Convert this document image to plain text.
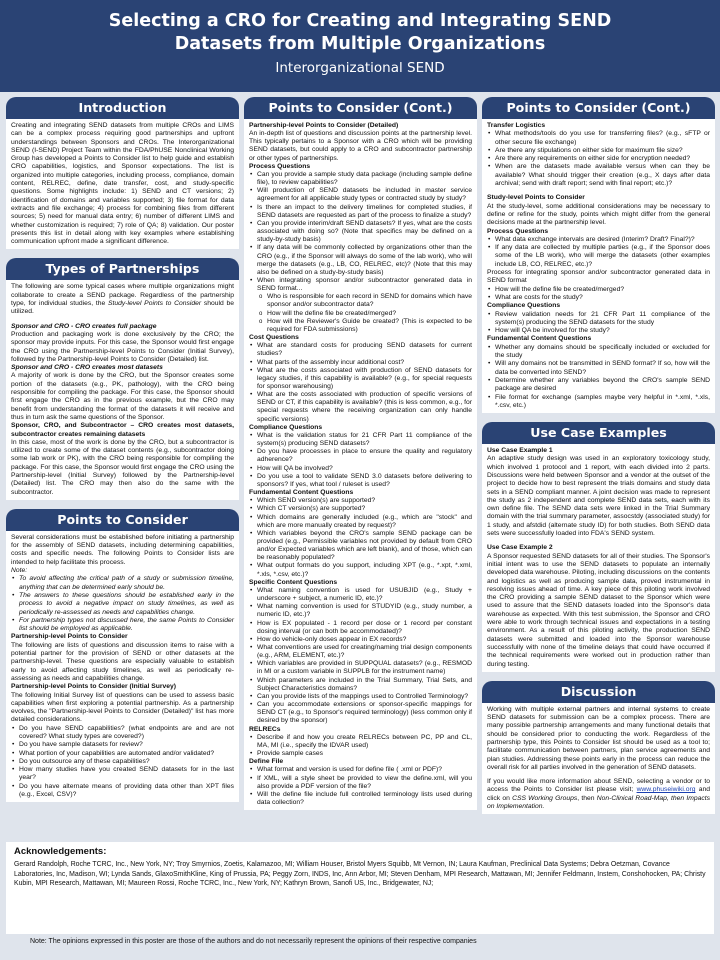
Selecting a CRO for Creating and Integrating SEND
Datasets from Multiple Organizations
Interorganizational SEND
Introduction

Creating and integrating SEND datasets from multiple CROs and LIMS can be a complex process requiring good partnerships and upfront understandings between Sponsors and CROs. The Interorganizational SEND (I-SEND) Project Team within the FDA/PhUSE Nonclinical Working Group has developed a Points to Consider list to help guide and establish CRO capabilities, logistics, and Sponsor expectations. The list is organized into multiple categories, including process, compliance, domain content, RELREC, define, date transfer, cost, and study-specific questions. Some highlights include: 1) SEND and CT versions; 2) identification of domains and variables supported; 3) file format for data extracts and file exchange; 4) process for combining files from different sources; 5) need for manual data entry; 6) number of different LIMS and whether customization is required; 7) role of QA; 8) validation. Our poster presents this list in detail along with key examples where establishing communication upfront made a significant difference.

Types of Partnerships

The following are some typical cases where multiple organizations might collaborate to create a SEND package. Regardless of the partnership type, for individual studies, the Study-level Points to Consider should be utilized.

Sponsor and CRO - CRO creates full package

Production and packaging work is done exclusively by the CRO; the sponsor may provide inputs. For this case, the Sponsor would first engage the CRO using the Partnership-level Points to Consider (Initial Survey), followed by the Partnership-level Points to Consider (Detailed) list.

Sponsor and CRO - CRO creates most datasets

A majority of work is done by the CRO, but the Sponsor creates some portion of the datasets (e.g., PK, pathology), with the CRO being responsible for compiling the package. For this case, the Sponsor should first engage the CRO as in the previous example, but the CRO may benefit from understanding the format of the datasets it will receive and thus in turn ask the same questions of the Sponsor.

Sponsor, CRO, and Subcontractor – CRO creates most datasets, subcontractor creates remaining datasets

In this case, most of the work is done by the CRO, but a subcontractor is utilized to create some of the dataset contents (e.g., subcontractor doing some lab work or PK), with the CRO being responsible for compiling the package. For this case, the Sponsor would first engage the CRO using the Partnership-level (Initial Survey) followed by the Partnership-level (Detailed) list. The CRO may then also do the same with the subcontractor.

Points to Consider

Several considerations must be established before initiating a partnership for the assembly of SEND datasets, including determining capabilities, costs and specific needs. The following Points to Consider lists are intended to help facilitate this process.

Note:

• To avoid affecting the critical path of a study or submission timeline, anything that can be determined early should be.
• The answers to these questions should be established early in the process to avoid a negative impact on study timelines, as well as periodically re-assessed as needs and capabilities change.
• For partnership types not discussed here, the same Points to Consider list should be employed as applicable.

Partnership-level Points to Consider

The following are lists of questions and discussion items to raise with a potential partner for the provision of SEND or other datasets at the partnership-level. These questions are especially valuable to establish early to avoid affecting study timelines, as well as periodically re-assessing as needs and capabilities change.

Partnership-level Points to Consider (Initial Survey)

The following Initial Survey list of questions can be used to assess basic capabilities when first exploring a potential partnership. As a partnership evolves, the "Partnership-level Points to Consider (Detailed)" list has more detailed considerations.

• Do you have SEND capabilities? (what endpoints are and are not covered? What study types are covered?)
• Do you have sample datasets for review?
• What portion of your capabilities are automated and/or validated?
• Do you outsource any of these capabilities?
• How many studies have you created SEND datasets for in the last year?
• Do you have alternate means of providing data other than XPT files (e.g., Excel, CSV)?
Points to Consider (Cont.)

Partnership-level Points to Consider (Detailed)

An in-depth list of questions and discussion points at the partnership level. This typically pertains to a Sponsor with a CRO which will be providing SEND datasets, but could apply to a CRO and subcontractor partnership or other types of partnerships.

Process Questions

• Can you provide a sample study data package (including sample define file), to review capabilities?
• Will production of SEND datasets be included in master service agreement for all applicable study types or contracted study by study?
• Is there an impact to the delivery timelines for completed studies, if SEND datasets are requested as part of the process to finalize a study?
• Can you provide interim/draft SEND datasets? If yes, what are the costs associated with doing so? (Note that specifics may be defined on a study-by-study basis)
• If any data will be commonly collected by organizations other than the CRO (e.g., if the Sponsor will always do some of the lab work), who will merge the datasets (e.g., LB, CO, RELREC, etc)? (Note that this may also be defined on a study-by-study basis)
• When integrating sponsor and/or subcontractor generated data in SEND format...
o Who is responsible for each record in SEND for domains which have sponsor and/or subcontractor data?
o How will the define file be created/merged?
o How will the Reviewer's Guide be created? (This is expected to be required for FDA submissions)

Cost Questions

• What are standard costs for producing SEND datasets for current studies?
• What parts of the assembly incur additional cost?
• What are the costs associated with production of SEND datasets for legacy studies, if this capability is available? (e.g., for special requests for sponsor warehousing)
• What are the costs associated with production of specific versions of SEND or CT, if this capability is available? (this is less common, e.g., for special requests where the receiving organization can only handle specific versions)

Compliance Questions

• What is the validation status for 21 CFR Part 11 compliance of the system(s) producing SEND datasets?
• Do you have processes in place to ensure the quality and regulatory adherence?
• How will QA be involved?
• Do you use a tool to validate SEND 3.0 datasets before delivering to sponsors? If yes, what tool / ruleset is used?

Fundamental Content Questions

• Which SEND version(s) are supported?
• Which CT version(s) are supported?
• Which domains are generally included (e.g., which are "stock" and which are more manually created by request)?
• Which variables beyond the CRO's sample SEND package can be provided (e.g., Permissible variables not provided by default from CRO and/or Expected variables which are left blank), and of those, which can be reasonably populated?
• What output formats do you support, including XPT (e.g., *.xpt, *.xml, *.xls, *.csv, etc.)?

Specific Content Questions

• What naming convention is used for USUBJID (e.g., Study + underscore + subject, a numeric ID, etc.)?
• What naming convention is used for STUDYID (e.g., study number, a numeric ID, etc.)?
• How is EX populated - 1 record per dose or 1 record per constant dosing interval (or can both be accommodated)?
• How do vehicle-only doses appear in EX records?
• What conventions are used for creating/naming trial design components (e.g., ARM, ELEMENT, etc.)?
• Which variables are provided in SUPPQUAL datasets? (e.g., RESMOD in MI or a custom variable in SUPPLB for the instrument name)
• Which parameters are included in the Trial Summary, Trial Sets, and Subject Characteristics domains?
• Can you provide lists of the mappings used to Controlled Terminology?
• Can you accommodate extensions or sponsor-specific mappings for SEND CT (e.g., to Sponsor's required terminology) (less common only if desired by the sponsor)

RELRECs

• Describe if and how you create RELRECs between PC, PP and CL, MA, MI (i.e., specify the IDVAR used)
• Provide sample cases

Define File

• What format and version is used for define file ( .xml or PDF)?
• If XML, will a style sheet be provided to view the define.xml, will you also provide a PDF version of the file?
• Will the define file include full controlled terminology lists used during data collection?
Points to Consider (Cont.)

Transfer Logistics

• What methods/tools do you use for transferring files? (e.g., sFTP or other secure file exchange)
• Are there any stipulations on either side for maximum file size?
• Are there any requirements on either side for encryption needed?
• When are the datasets made available versus when can they be available? What should trigger their creation (e.g., X days after data archival; send with draft report; send with final report; etc.)?

Study-level Points to Consider

At the study-level, some additional considerations may be necessary to define or refine for the study, points which might differ from the general decisions made at the partnership level.

Process Questions

• What data exchange intervals are desired (Interim? Draft? Final?)?
• If any data are collected by multiple parties (e.g., if the Sponsor does some of the LB work), who will merge the datasets (other examples include LB, CO, RELREC, etc.)?

Process for integrating sponsor and/or subcontractor generated data in SEND format

• How will the define file be created/merged?
• What are costs for the study?

Compliance Questions

• Review validation needs for 21 CFR Part 11 compliance of the system(s) producing the SEND datasets for the study
• How will QA be involved for the study?

Fundamental Content Questions

• Whether any domains should be specifically included or excluded for the study
• Will any domains not be transmitted in SEND format? If so, how will the data be converted into SEND?
• Determine whether any variables beyond the CRO's sample SEND package are desired
• File format for exchange (samples maybe very helpful in *.xml, *.xls, *.csv, etc.)
Use Case Examples

Use Case Example 1

An adaptive study design was used in an exploratory toxicology study, which involved 1 protocol and 1 report, with each divided into 2 parts. Discussions were held between Sponsor and a vendor at the outset of the project to decide how to best represent the trials domains and study data sets in a SEND compliant manner. A joint decision was made to represent the study as 2 independent and complete SEND data sets, each with its own define file. The SEND data sets were linked in the Trial Summary domain with the trial summary parameter, assocstdy (associated study) for 1 study, and afstdid (alternate study ID) for both studies. Both SEND data sets were successfully loaded into FDA's SEND system.

Use Case Example 2

A Sponsor requested SEND datasets for all of their studies. The Sponsor's initial intent was to use the SEND datasets to populate an internally developed data warehouse. Piloting, including discussions on the contents and logistics as well as producing sample data, proved instrumental in resolving issues ahead of time. A key piece of this piloting work involved the CRO providing a sample SEND dataset to the Sponsor which were used to assure that the SEND datasets loaded into the Sponsor's data warehouse as expected. With this test submission, the Sponsor and CRO were able to work through technical issues and expectations in a testing environment. As a result of this piloting activity, the production SEND datasets were submitted and loaded into the Sponsor warehouse successfully with none of the timeline delays that could have occurred if the technical requirements were worked out in production rather than during testing.

Discussion

Working with multiple external partners and internal systems to create SEND datasets for submission can be a complex process. There are many possible partnership arrangements and many functional details that should be considered prior to conducting the work. Regardless of the partnership type, this Points to Consider list should be used as a tool to; facilitate communication between partners, plan service agreements and plan studies. Addressing these points early in the process can reduce the overall risk for all parties involved in the generation of SEND datasets.

If you would like more information about SEND, selecting a vendor or to access the Points to Consider list please visit; www.phuseiwiki.org and click on CSS Working Groups, then Non-Clinical Road-Map, then Impacts on Implementation.

Acknowledgements:
Gerard Randolph, Roche TCRC, Inc., New York, NY; Troy Smyrnios, Zoetis, Kalamazoo, MI; William Houser, Bristol Myers Squibb, Mt Vernon, IN; Laura Kaufman, Preclinical Data Systems; Debra Oetzman, Covance Laboratories, Inc, Madison, WI; Lynda Sands, GlaxoSmithKline, King of Prussia, PA; Peggy Zorn, INDS, Inc, Ann Arbor, MI; Steven Denham, MPI Research, Mattawan, MI; Jennifer Feldmann, Instem, Conshohocken, PA; Christy Kubin, MPI Research, Mattawan, MI; Maureen Rossi, Roche TCRC, Inc., New York, NY; Kathryn Brown, Sanofi US, Inc., Bridgewater, NJ;
Note: The opinions expressed in this poster are those of the authors and do not necessarily represent the opinions of their respective companies
